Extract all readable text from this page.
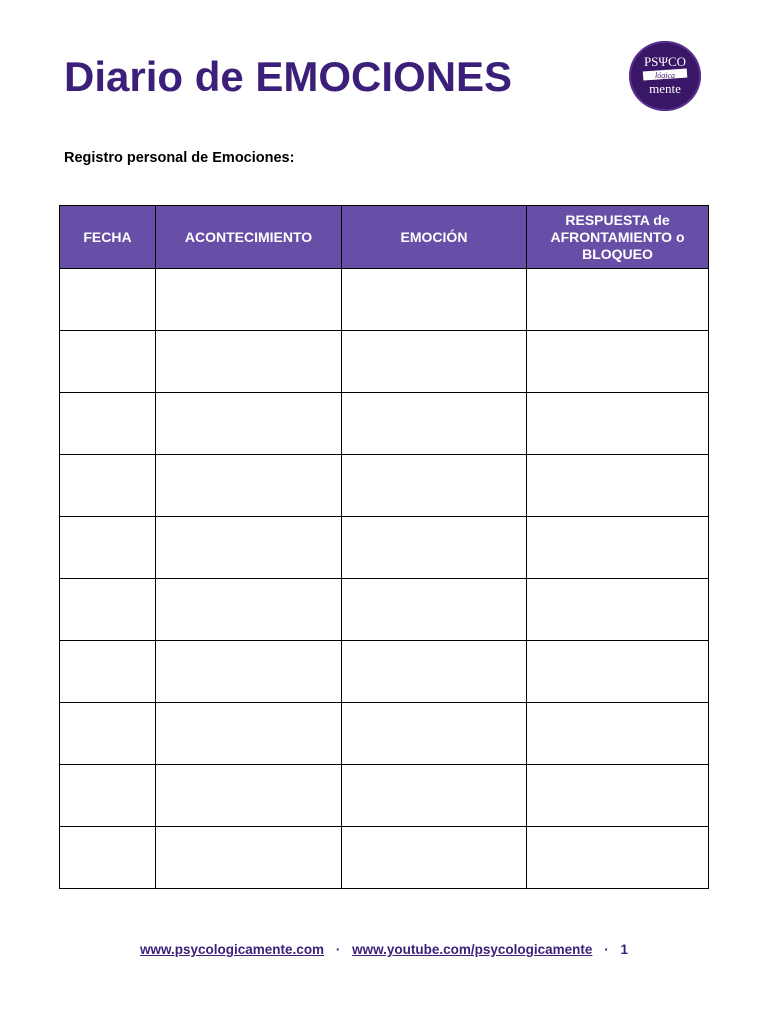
Diario de EMOCIONES	PSΨCO
lógica
mente

Registro personal de Emociones:

FECHA	ACONTECIMIENTO	EMOCIÓN	RESPUESTA de AFRONTAMIENTO o BLOQUEO

www.psycologicamente.com · www.youtube.com/psycologicamente · 1
